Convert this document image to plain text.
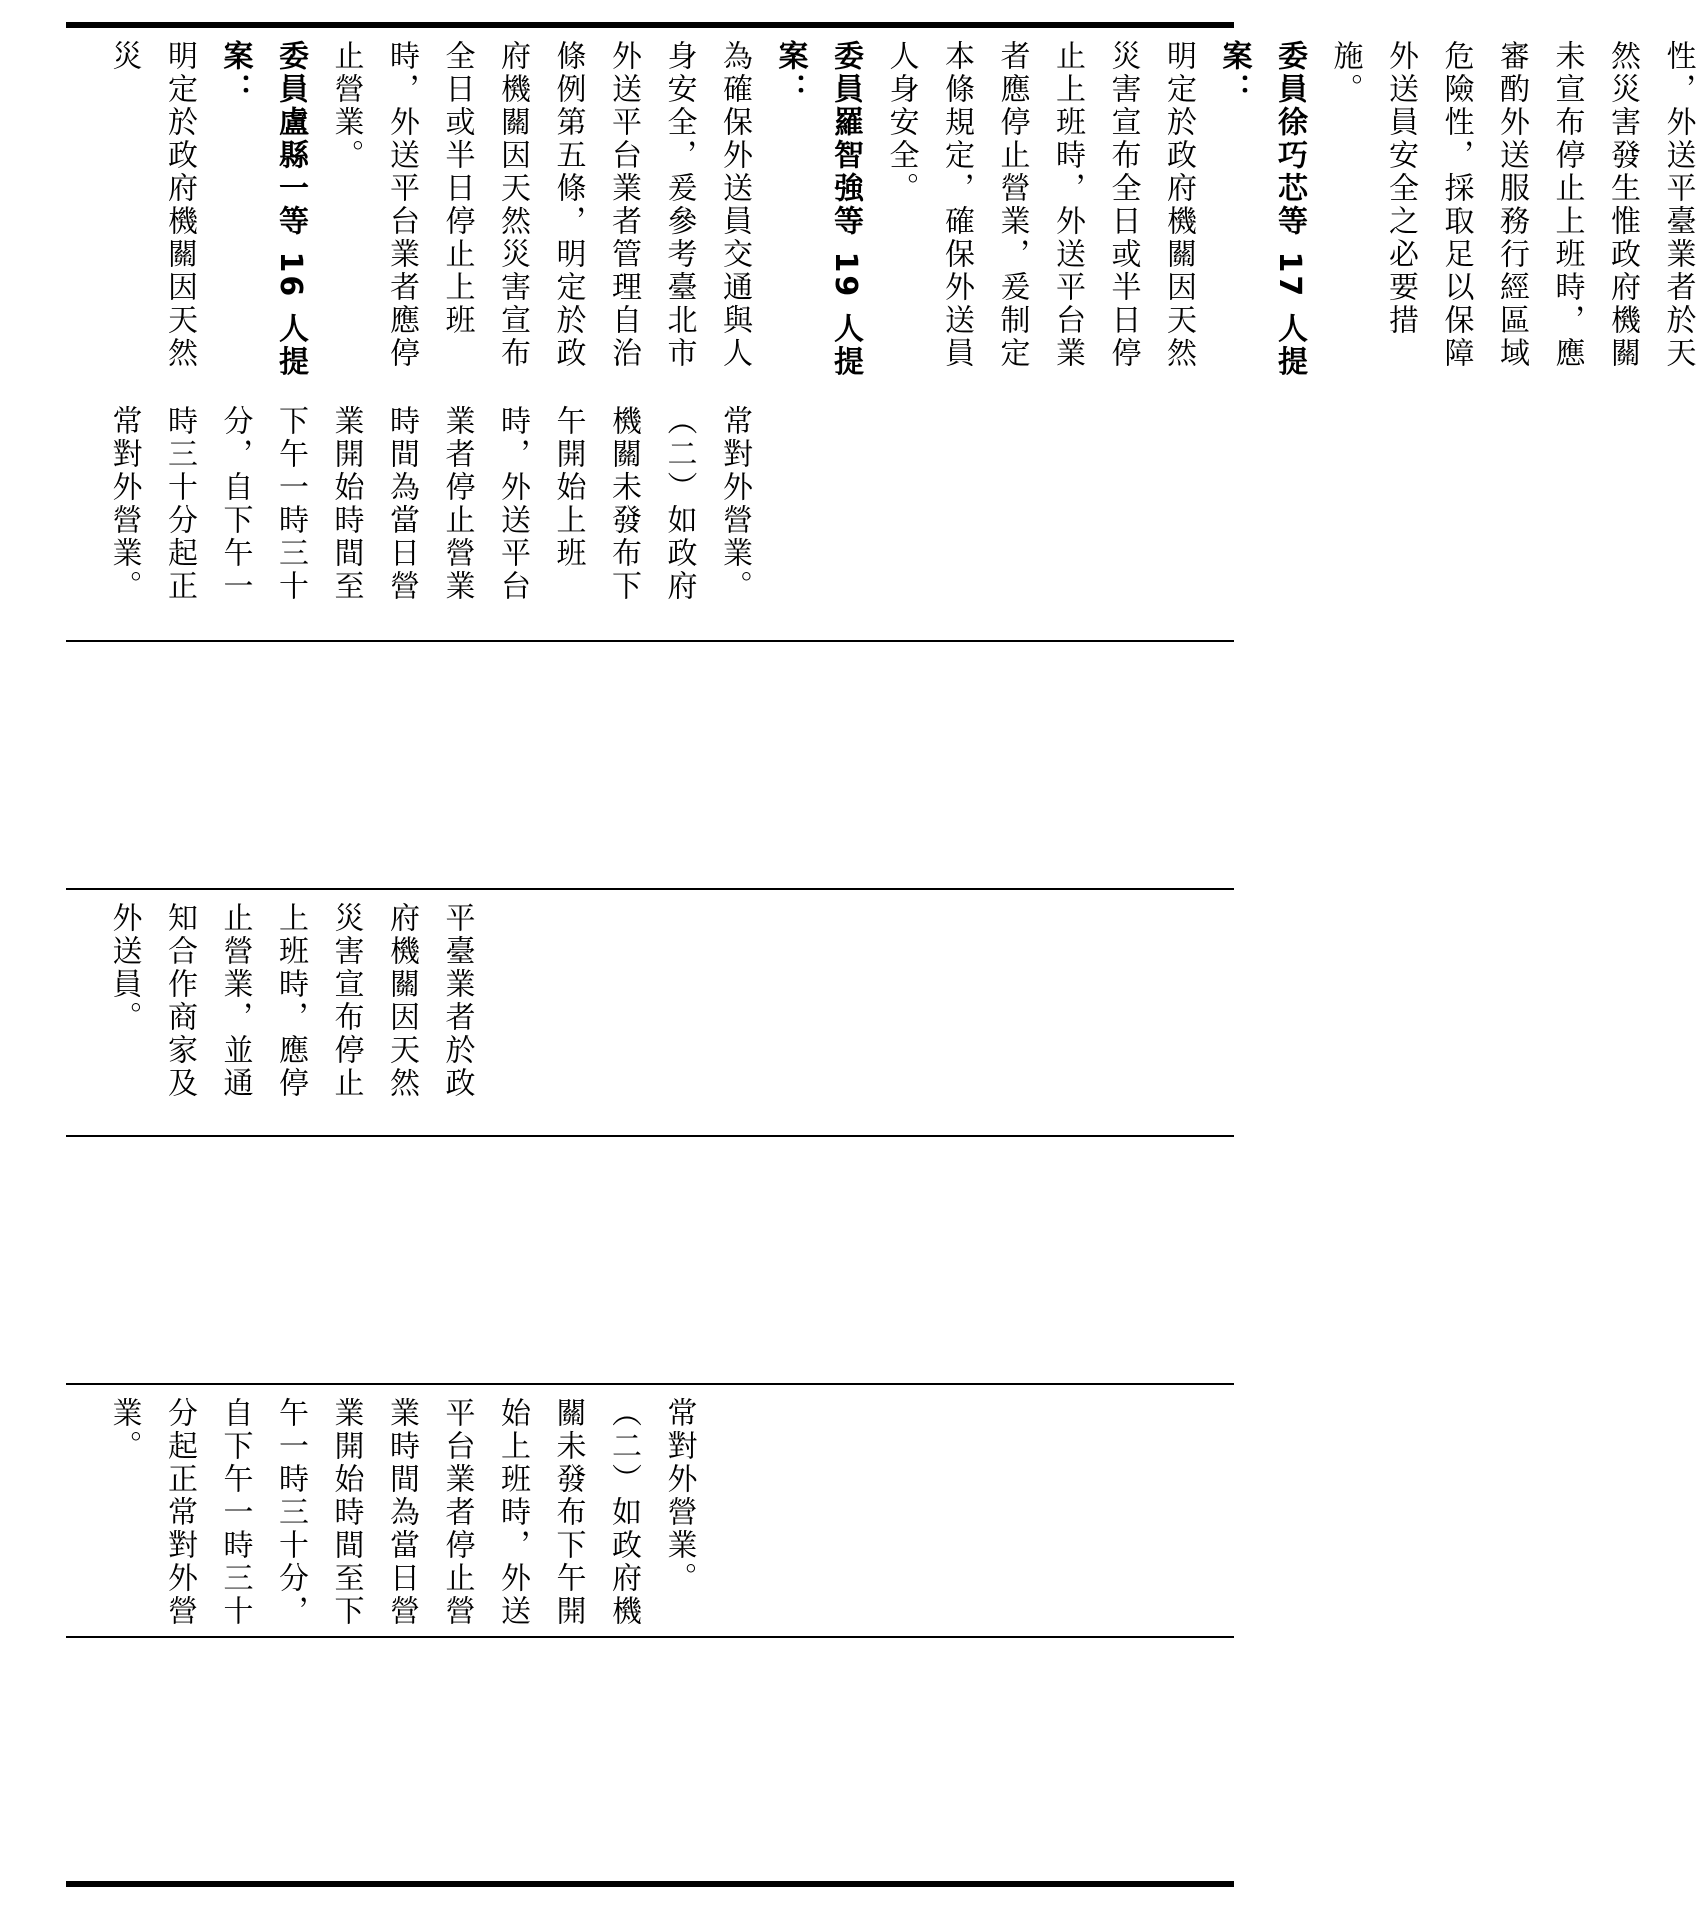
性，外送平臺業者於天然災害發生惟政府機關未宣布停止上班時，應審酌外送服務行經區域危險性，採取足以保障外送員安全之必要措施。
委員徐巧芯等 17 人提案：
明定於政府機關因天然災害宣布全日或半日停止上班時，外送平台業者應停止營業，爰制定本條規定，確保外送員人身安全。
委員羅智強等 19 人提案：
為確保外送員交通與人身安全，爰參考臺北市外送平台業者管理自治條例第五條，明定於政府機關因天然災害宣布全日或半日停止上班時，外送平台業者應停止營業。
委員盧縣一等 16 人提案：
明定於政府機關因天然災
常對外營業。（二）如政府機關未發布下午開始上班時，外送平台業者停止營業時間為當日營業開始時間至下午一時三十分，自下午一時三十分起正常對外營業。
平臺業者於政府機關因天然災害宣布停止上班時，應停止營業，並通知合作商家及外送員。
常對外營業。（二）如政府機關未發布下午開始上班時，外送平台業者停止營業時間為當日營業開始時間至下午一時三十分，自下午一時三十分起正常對外營業。
